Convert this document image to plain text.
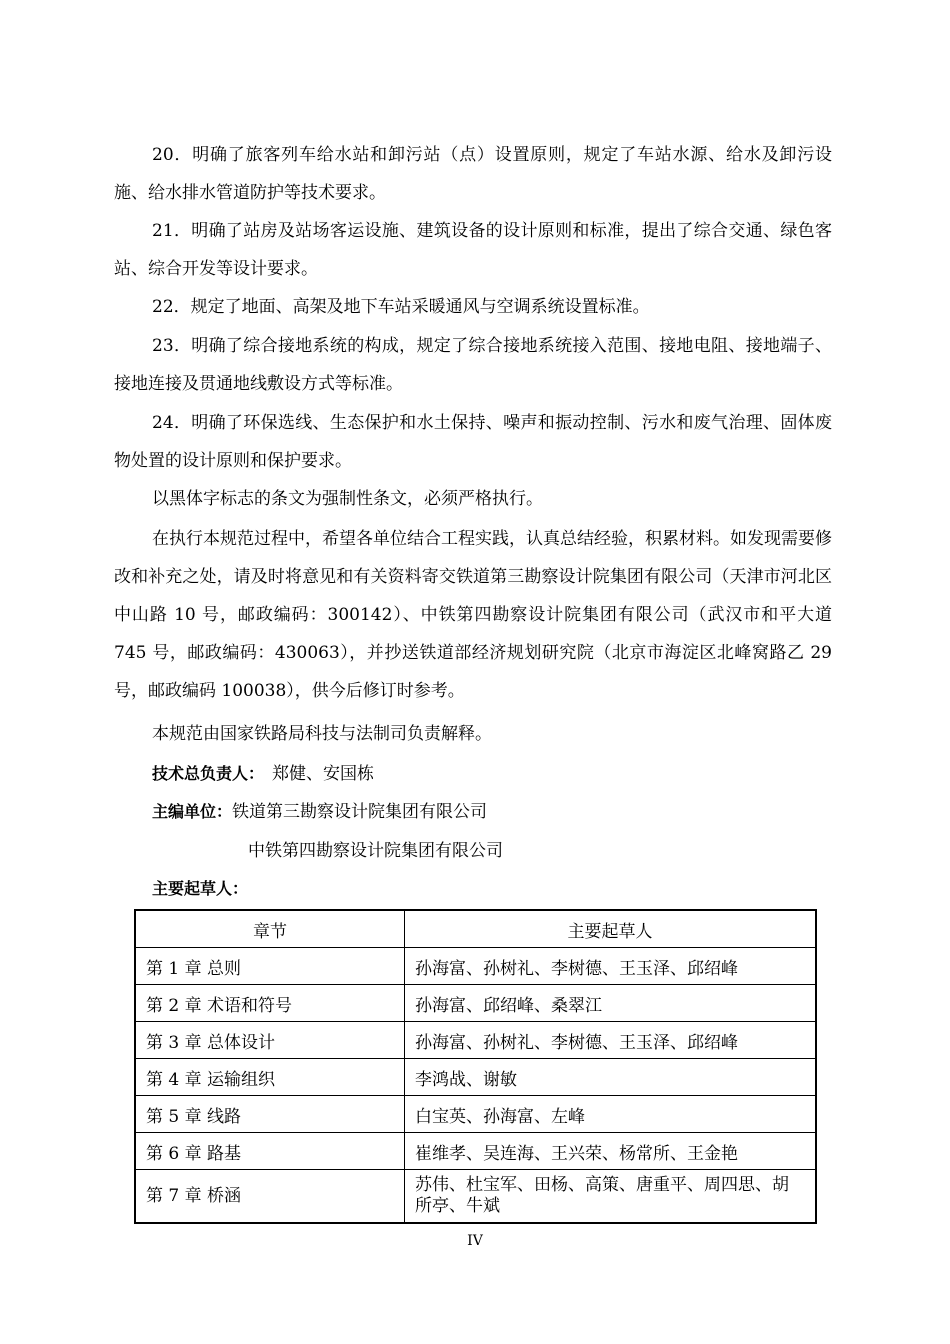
20．明确了旅客列车给水站和卸污站（点）设置原则，规定了车站水源、给水及卸污设施、给水排水管道防护等技术要求。

21．明确了站房及站场客运设施、建筑设备的设计原则和标准，提出了综合交通、绿色客站、综合开发等设计要求。

22．规定了地面、高架及地下车站采暖通风与空调系统设置标准。

23．明确了综合接地系统的构成，规定了综合接地系统接入范围、接地电阻、接地端子、接地连接及贯通地线敷设方式等标准。

24．明确了环保选线、生态保护和水土保持、噪声和振动控制、污水和废气治理、固体废物处置的设计原则和保护要求。

以黑体字标志的条文为强制性条文，必须严格执行。

在执行本规范过程中，希望各单位结合工程实践，认真总结经验，积累材料。如发现需要修改和补充之处，请及时将意见和有关资料寄交铁道第三勘察设计院集团有限公司（天津市河北区中山路 10 号，邮政编码：300142）、中铁第四勘察设计院集团有限公司（武汉市和平大道 745 号，邮政编码：430063），并抄送铁道部经济规划研究院（北京市海淀区北峰窝路乙 29 号，邮政编码 100038），供今后修订时参考。

本规范由国家铁路局科技与法制司负责解释。

技术总负责人： 郑健、安国栋
主编单位：铁道第三勘察设计院集团有限公司
中铁第四勘察设计院集团有限公司
主要起草人：
章节	主要起草人
第 1 章 总则	孙海富、孙树礼、李树德、王玉泽、邱绍峰
第 2 章 术语和符号	孙海富、邱绍峰、桑翠江
第 3 章 总体设计	孙海富、孙树礼、李树德、王玉泽、邱绍峰
第 4 章 运输组织	李鸿战、谢敏
第 5 章 线路	白宝英、孙海富、左峰
第 6 章 路基	崔维孝、吴连海、王兴荣、杨常所、王金艳
第 7 章 桥涵	苏伟、杜宝军、田杨、高策、唐重平、周四思、胡所亭、牛斌
IV
